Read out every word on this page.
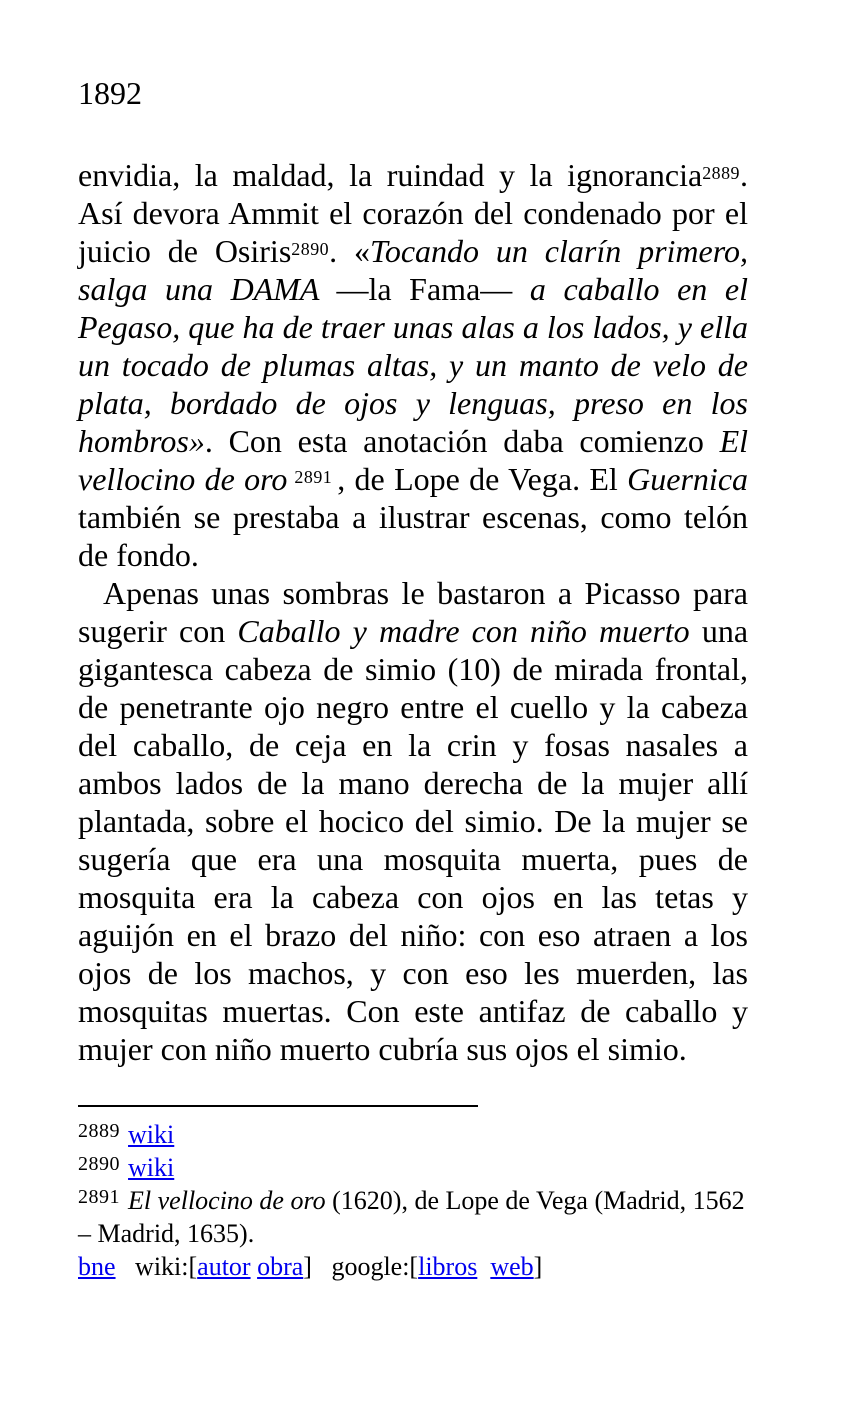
1892

envidia, la maldad, la ruindad y la ignorancia$^{2889}$. Así devora Ammit el corazón del condenado por el juicio de Osiris$^{2890}$. «Tocando un clarín primero, salga una DAMA —la Fama— a caballo en el Pegaso, que ha de traer unas alas a los lados, y ella un tocado de plumas altas, y un manto de velo de plata, bordado de ojos y lenguas, preso en los hombros». Con esta anotación daba comienzo El vellocino de oro $^{2891}$ , de Lope de Vega. El Guernica también se prestaba a ilustrar escenas, como telón de fondo.

Apenas unas sombras le bastaron a Picasso para sugerir con Caballo y madre con niño muerto una gigantesca cabeza de simio (10) de mirada frontal, de penetrante ojo negro entre el cuello y la cabeza del caballo, de ceja en la crin y fosas nasales a ambos lados de la mano derecha de la mujer allí plantada, sobre el hocico del simio. De la mujer se sugería que era una mosquita muerta, pues de mosquita era la cabeza con ojos en las tetas y aguijón en el brazo del niño: con eso atraen a los ojos de los machos, y con eso les muerden, las mosquitas muertas. Con este antifaz de caballo y mujer con niño muerto cubría sus ojos el simio.

$^{2889}$ wiki
$^{2890}$ wiki
$^{2891}$ El vellocino de oro (1620), de Lope de Vega (Madrid, 1562 – Madrid, 1635).
bne   wiki:[autor obra]   google:[libros web]
